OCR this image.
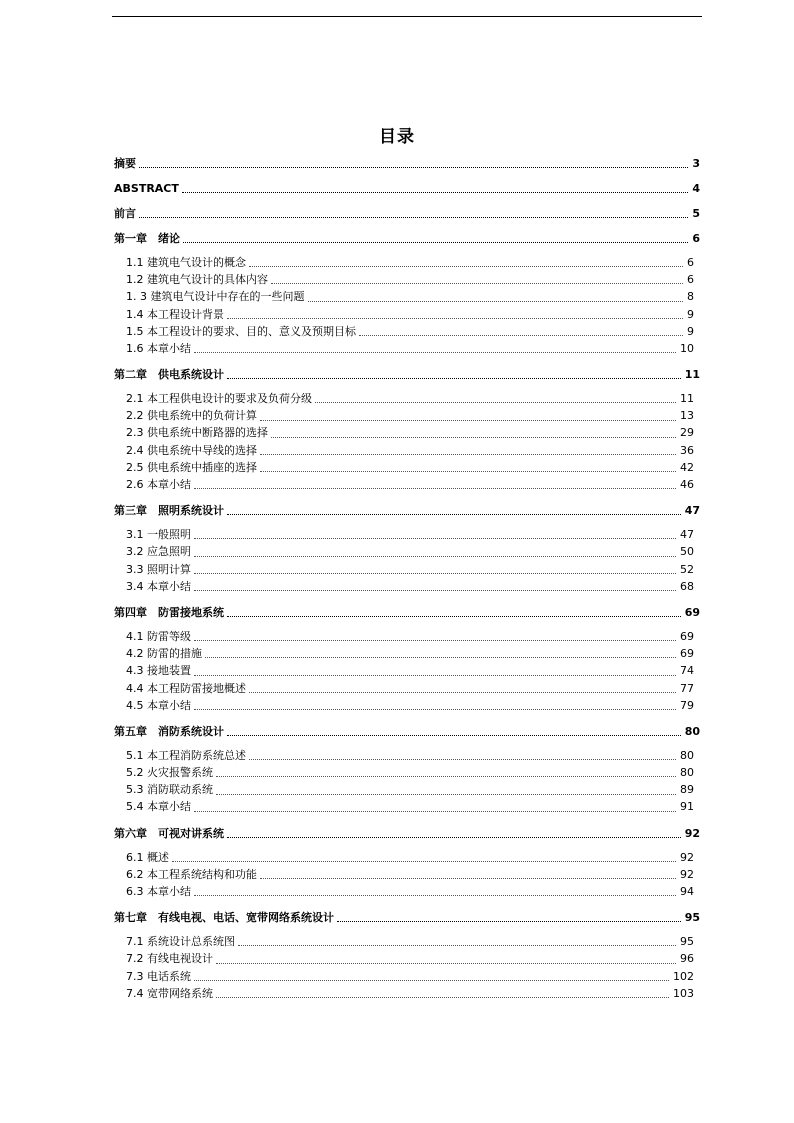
目录
摘要	3
ABSTRACT	4
前言	5
第一章　绪论	6
1.1 建筑电气设计的概念	6
1.2 建筑电气设计的具体内容	6
1. 3 建筑电气设计中存在的一些问题	8
1.4 本工程设计背景	9
1.5 本工程设计的要求、目的、意义及预期目标	9
1.6 本章小结	10
第二章　供电系统设计	11
2.1 本工程供电设计的要求及负荷分级	11
2.2 供电系统中的负荷计算	13
2.3 供电系统中断路器的选择	29
2.4 供电系统中导线的选择	36
2.5 供电系统中插座的选择	42
2.6 本章小结	46
第三章　照明系统设计	47
3.1 一般照明	47
3.2 应急照明	50
3.3 照明计算	52
3.4 本章小结	68
第四章　防雷接地系统	69
4.1 防雷等级	69
4.2 防雷的措施	69
4.3 接地装置	74
4.4 本工程防雷接地概述	77
4.5 本章小结	79
第五章　消防系统设计	80
5.1 本工程消防系统总述	80
5.2 火灾报警系统	80
5.3 消防联动系统	89
5.4 本章小结	91
第六章　可视对讲系统	92
6.1 概述	92
6.2 本工程系统结构和功能	92
6.3 本章小结	94
第七章　有线电视、电话、宽带网络系统设计	95
7.1 系统设计总系统图	95
7.2 有线电视设计	96
7.3 电话系统	102
7.4 宽带网络系统	103
